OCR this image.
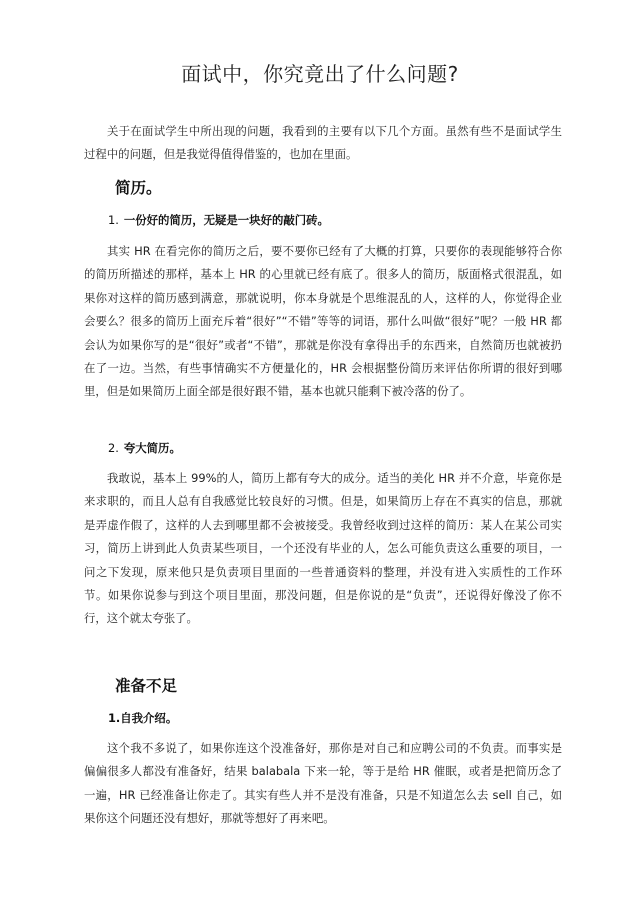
面试中，你究竟出了什么问题?
关于在面试学生中所出现的问题，我看到的主要有以下几个方面。虽然有些不是面试学生过程中的问题，但是我觉得值得借鉴的，也加在里面。
简历。
1. 一份好的简历，无疑是一块好的敲门砖。
其实 HR 在看完你的简历之后，要不要你已经有了大概的打算，只要你的表现能够符合你的简历所描述的那样，基本上 HR 的心里就已经有底了。很多人的简历，版面格式很混乱，如果你对这样的简历感到满意，那就说明，你本身就是个思维混乱的人，这样的人，你觉得企业会要么？很多的简历上面充斥着“很好”“不错”等等的词语，那什么叫做“很好”呢？一般 HR 都会认为如果你写的是“很好”或者“不错”，那就是你没有拿得出手的东西来，自然简历也就被扔在了一边。当然，有些事情确实不方便量化的，HR 会根据整份简历来评估你所谓的很好到哪里，但是如果简历上面全部是很好跟不错，基本也就只能剩下被冷落的份了。
2. 夸大简历。
我敢说，基本上 99%的人，简历上都有夸大的成分。适当的美化 HR 并不介意，毕竟你是来求职的，而且人总有自我感觉比较良好的习惯。但是，如果简历上存在不真实的信息，那就是弄虚作假了，这样的人去到哪里都不会被接受。我曾经收到过这样的简历：某人在某公司实习，简历上讲到此人负责某些项目，一个还没有毕业的人，怎么可能负责这么重要的项目，一问之下发现，原来他只是负责项目里面的一些普通资料的整理，并没有进入实质性的工作环节。如果你说参与到这个项目里面，那没问题，但是你说的是“负责”，还说得好像没了你不行，这个就太夸张了。
准备不足
1.自我介绍。
这个我不多说了，如果你连这个没准备好，那你是对自己和应聘公司的不负责。而事实是偏偏很多人都没有准备好，结果 balabala 下来一轮，等于是给 HR 催眠，或者是把简历念了一遍，HR 已经准备让你走了。其实有些人并不是没有准备，只是不知道怎么去 sell 自己，如果你这个问题还没有想好，那就等想好了再来吧。
